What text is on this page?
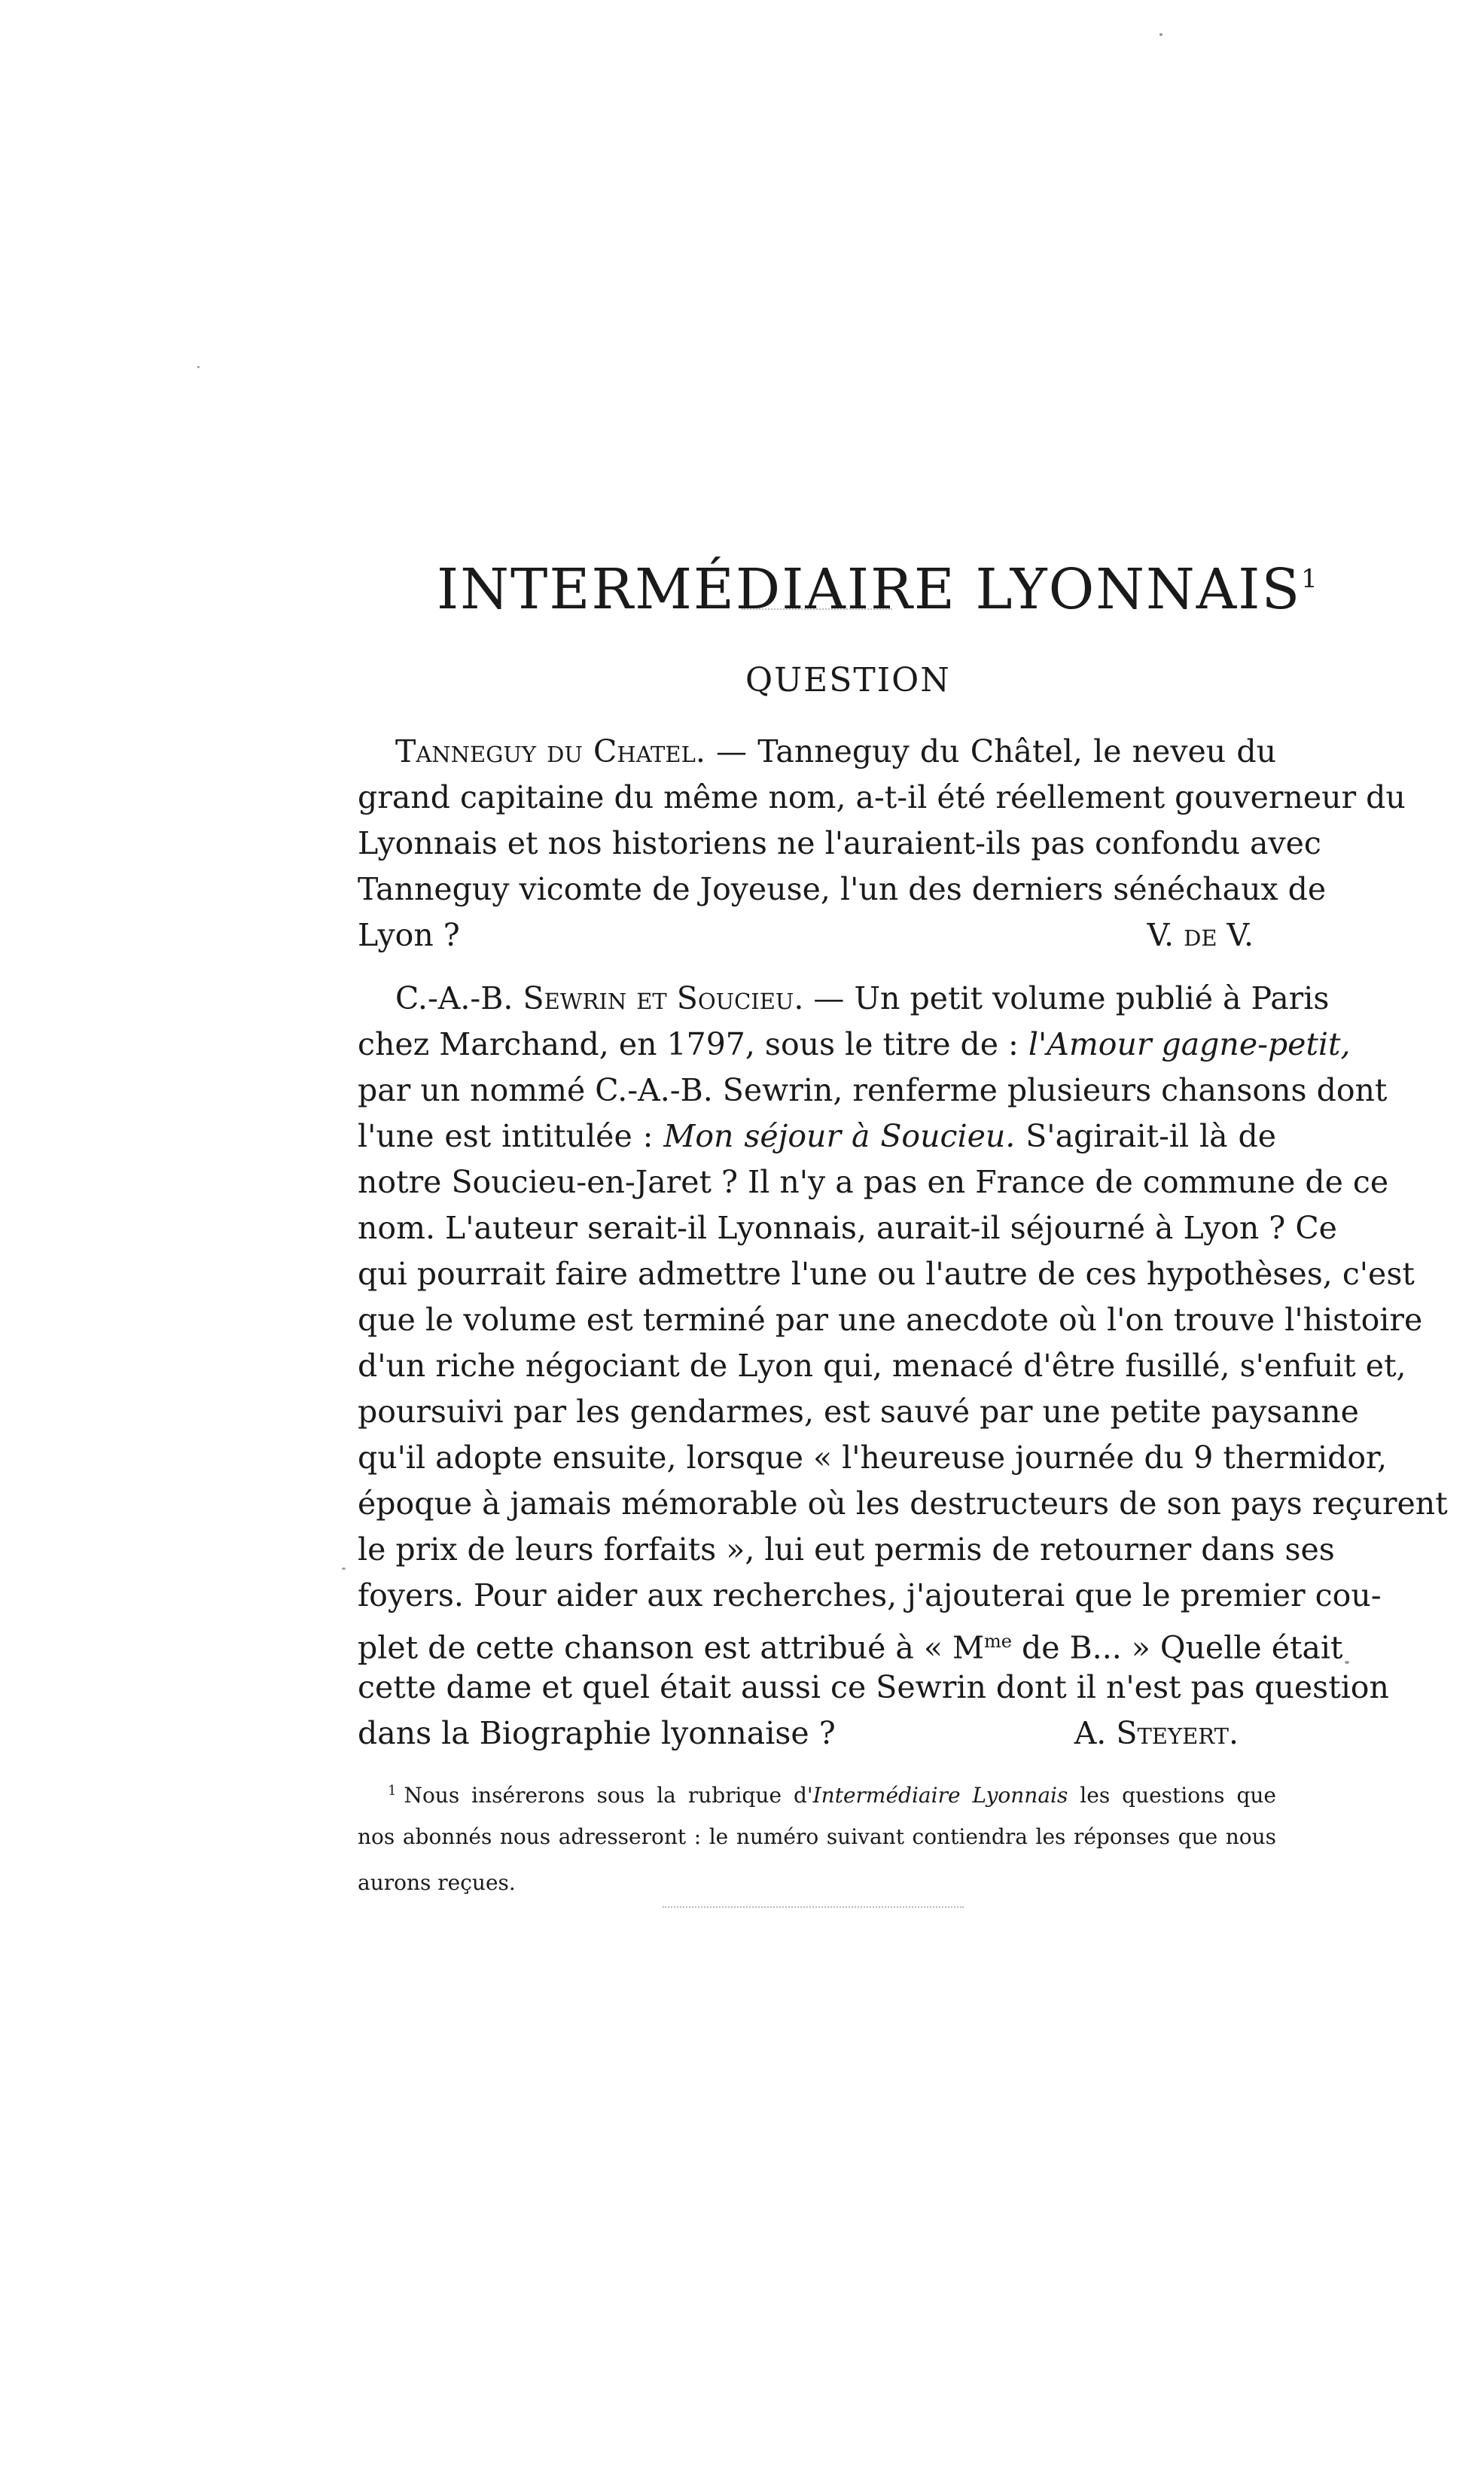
INTERMÉDIAIRE LYONNAIS$^1$
QUESTION
Tanneguy du Chatel. — Tanneguy du Châtel, le neveu du
grand capitaine du même nom, a-t-il été réellement gouverneur du
Lyonnais et nos historiens ne l'auraient-ils pas confondu avec
Tanneguy vicomte de Joyeuse, l'un des derniers sénéchaux de
Lyon ?	V. de V.
C.-A.-B. Sewrin et Soucieu. — Un petit volume publié à Paris
chez Marchand, en 1797, sous le titre de : l'Amour gagne-petit,
par un nommé C.-A.-B. Sewrin, renferme plusieurs chansons dont
l'une est intitulée : Mon séjour à Soucieu. S'agirait-il là de
notre Soucieu-en-Jaret ? Il n'y a pas en France de commune de ce
nom. L'auteur serait-il Lyonnais, aurait-il séjourné à Lyon ? Ce
qui pourrait faire admettre l'une ou l'autre de ces hypothèses, c'est
que le volume est terminé par une anecdote où l'on trouve l'histoire
d'un riche négociant de Lyon qui, menacé d'être fusillé, s'enfuit et,
poursuivi par les gendarmes, est sauvé par une petite paysanne
qu'il adopte ensuite, lorsque « l'heureuse journée du 9 thermidor,
époque à jamais mémorable où les destructeurs de son pays reçurent
le prix de leurs forfaits », lui eut permis de retourner dans ses
foyers. Pour aider aux recherches, j'ajouterai que le premier cou-
plet de cette chanson est attribué à « $M^{me}$ de B... » Quelle était
cette dame et quel était aussi ce Sewrin dont il n'est pas question
dans la Biographie lyonnaise ?	A. Steyert.
$^1$ Nous insérerons sous la rubrique d'Intermédiaire Lyonnais les questions que
nos abonnés nous adresseront : le numéro suivant contiendra les réponses que nous
aurons reçues.
